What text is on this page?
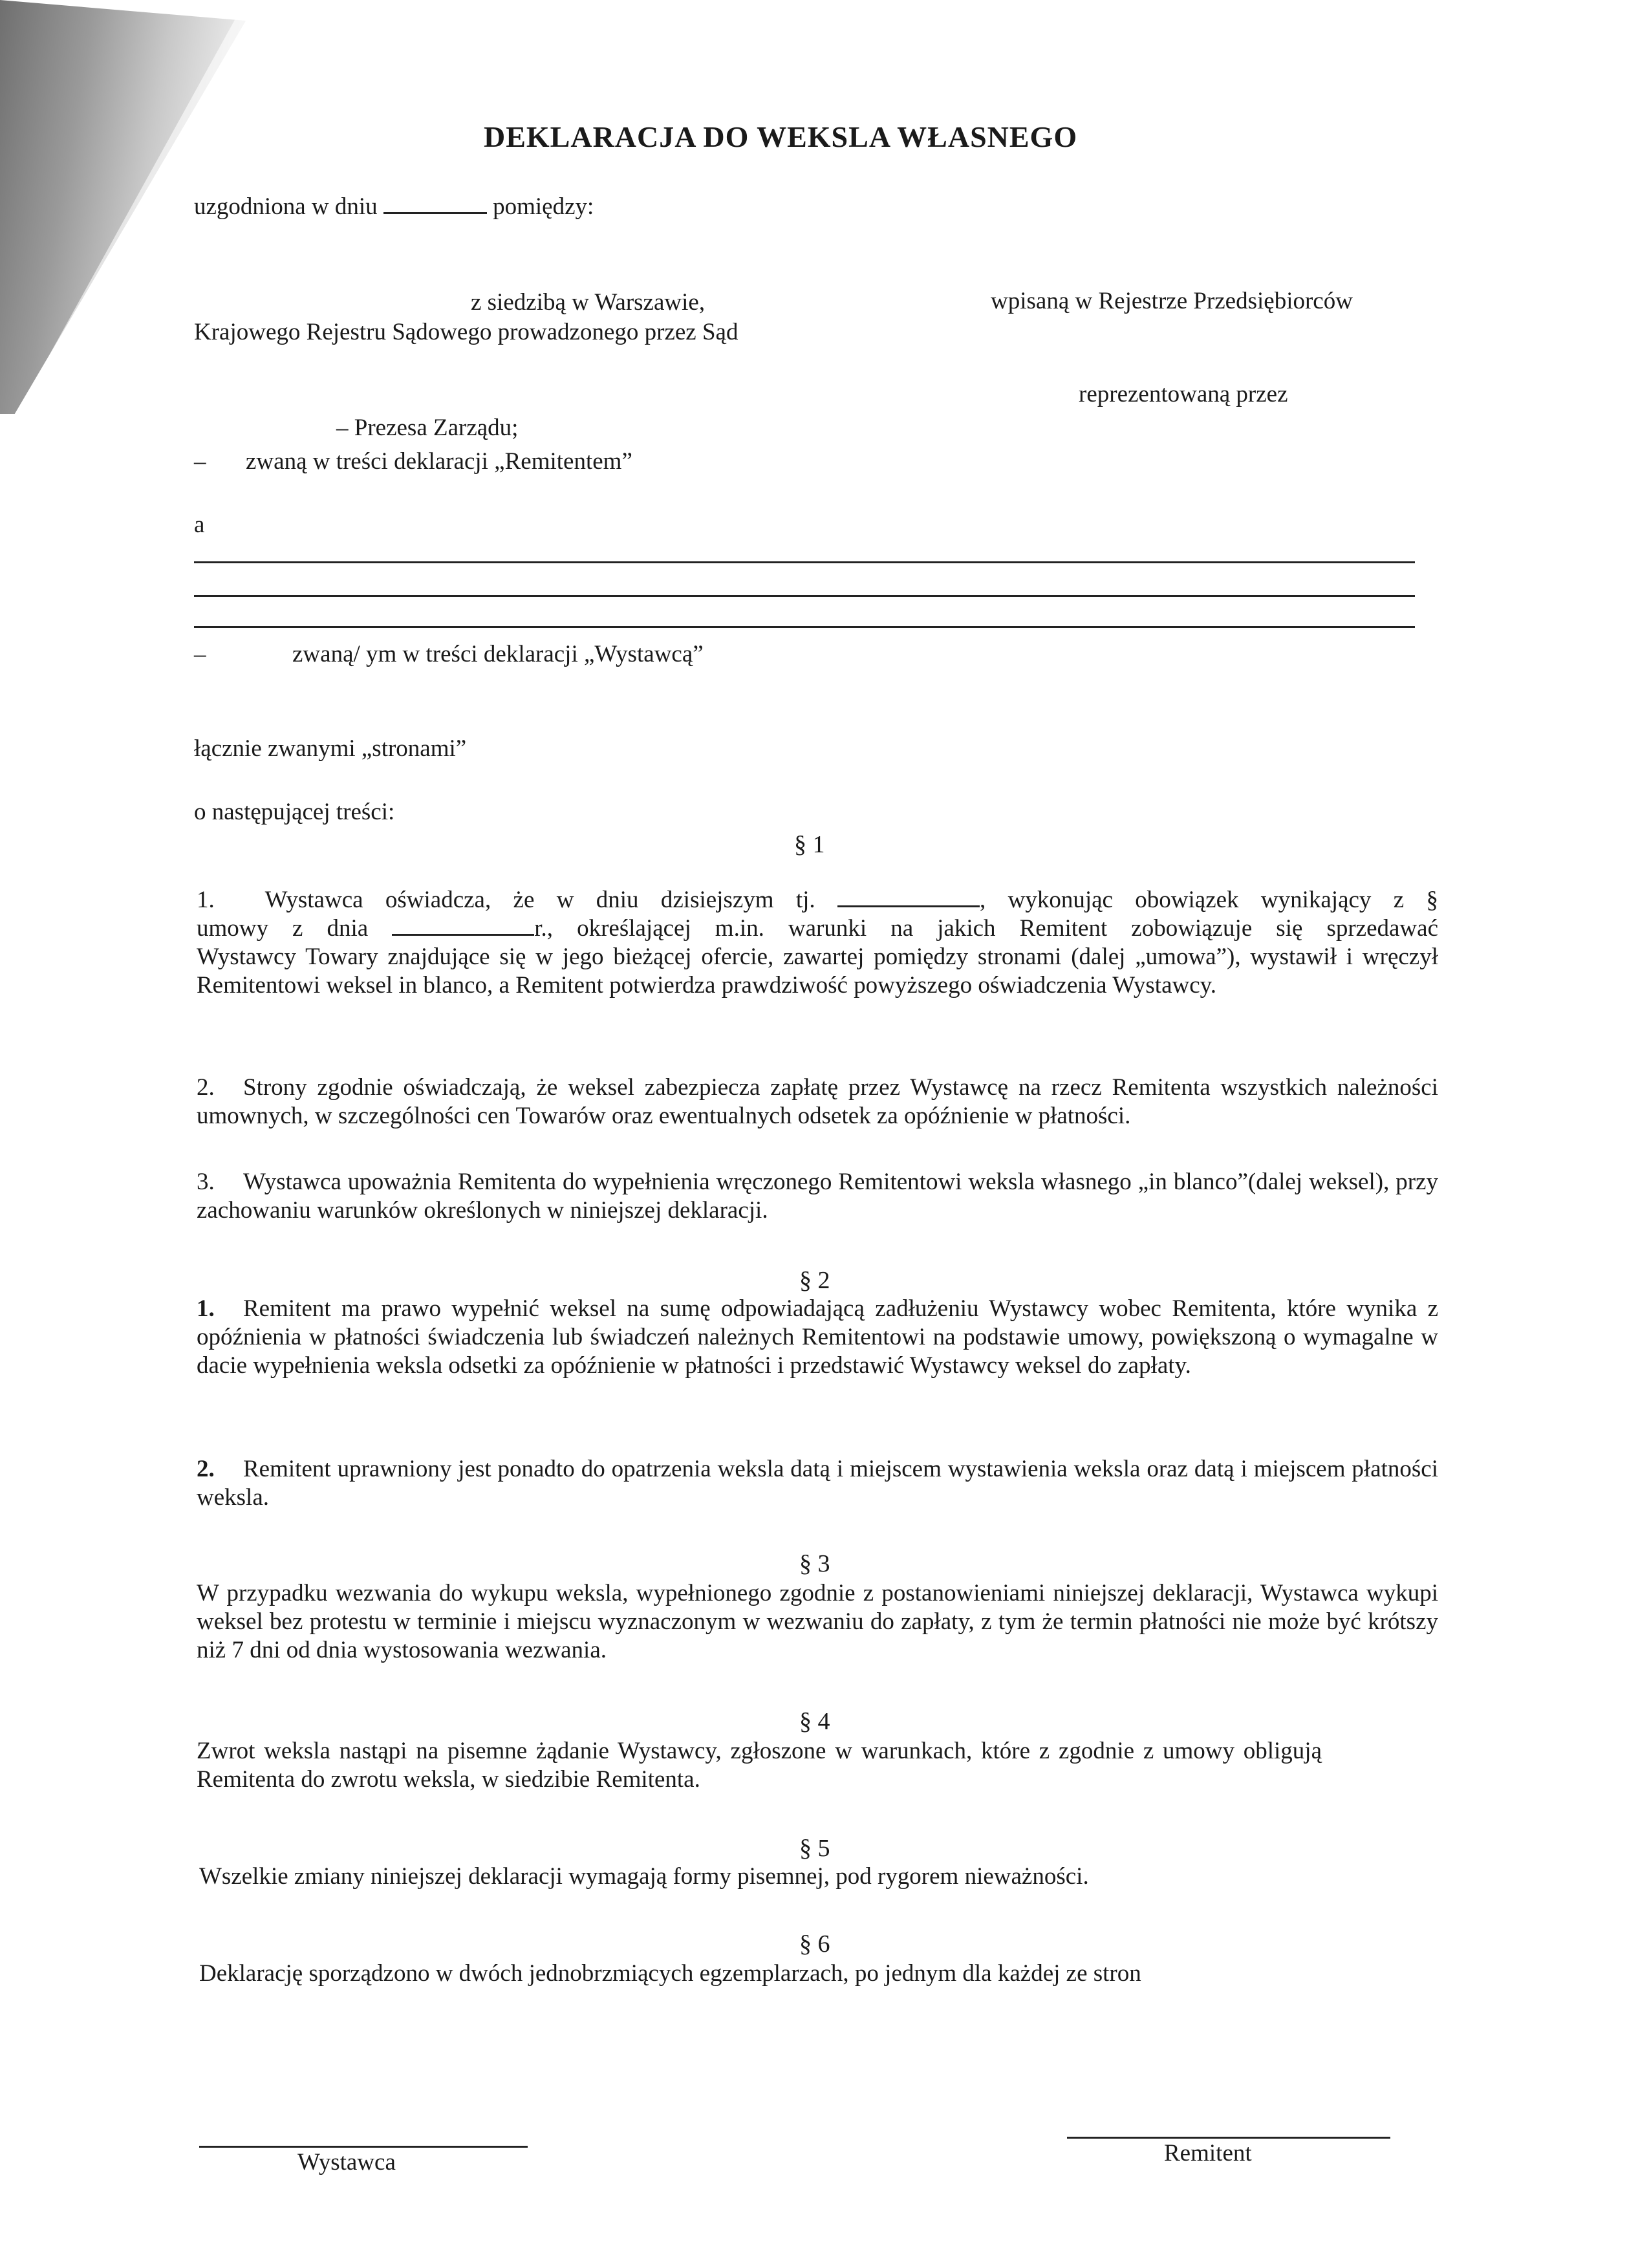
DEKLARACJA DO WEKSLA WŁASNEGO
uzgodniona w dniu	pomiędzy:
z siedzibą w Warszawie,	wpisaną w Rejestrze Przedsiębiorców
Krajowego Rejestru Sądowego prowadzonego przez Sąd
reprezentowaną przez
– Prezesa Zarządu;
– zwaną w treści deklaracji „Remitentem”
a
–	zwaną/ ym w treści deklaracji „Wystawcą”
łącznie zwanymi „stronami”
o następującej treści:
§ 1
1. Wystawca oświadcza, że w dniu dzisiejszym tj.	, wykonując obowiązek wynikający z §
umowy z dnia	r., określającej m.in. warunki na jakich Remitent zobowiązuje się sprzedawać
Wystawcy Towary znajdujące się w jego bieżącej ofercie, zawartej pomiędzy stronami (dalej „umowa”), wystawił i wręczył Remitentowi weksel in blanco, a Remitent potwierdza prawdziwość powyższego oświadczenia Wystawcy.
2. Strony zgodnie oświadczają, że weksel zabezpiecza zapłatę przez Wystawcę na rzecz Remitenta wszystkich należności umownych, w szczególności cen Towarów oraz ewentualnych odsetek za opóźnienie w płatności.
3. Wystawca upoważnia Remitenta do wypełnienia wręczonego Remitentowi weksla własnego „in blanco”(dalej weksel), przy zachowaniu warunków określonych w niniejszej deklaracji.
§ 2
1. Remitent ma prawo wypełnić weksel na sumę odpowiadającą zadłużeniu Wystawcy wobec Remitenta, które wynika z opóźnienia w płatności świadczenia lub świadczeń należnych Remitentowi na podstawie umowy, powiększoną o wymagalne w dacie wypełnienia weksla odsetki za opóźnienie w płatności i przedstawić Wystawcy weksel do zapłaty.
2. Remitent uprawniony jest ponadto do opatrzenia weksla datą i miejscem wystawienia weksla oraz datą i miejscem płatności weksla.
§ 3
W przypadku wezwania do wykupu weksla, wypełnionego zgodnie z postanowieniami niniejszej deklaracji, Wystawca wykupi weksel bez protestu w terminie i miejscu wyznaczonym w wezwaniu do zapłaty, z tym że termin płatności nie może być krótszy niż 7 dni od dnia wystosowania wezwania.
§ 4
Zwrot weksla nastąpi na pisemne żądanie Wystawcy, zgłoszone w warunkach, które z zgodnie z umowy obligują Remitenta do zwrotu weksla, w siedzibie Remitenta.
§ 5
Wszelkie zmiany niniejszej deklaracji wymagają formy pisemnej, pod rygorem nieważności.
§ 6
Deklarację sporządzono w dwóch jednobrzmiących egzemplarzach, po jednym dla każdej ze stron
Wystawca	Remitent
